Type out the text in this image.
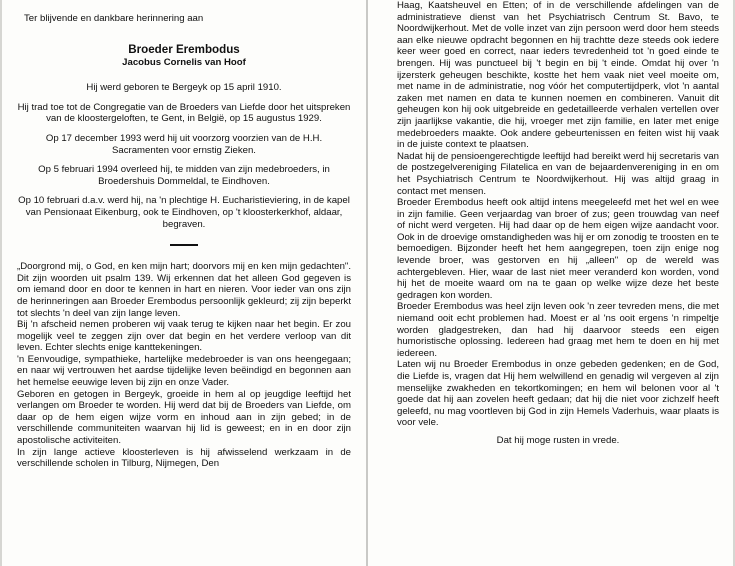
Ter blijvende en dankbare herinnering aan
Broeder Erembodus
Jacobus Cornelis van Hoof
Hij werd geboren te Bergeyk op 15 april 1910.
Hij trad toe tot de Congregatie van de Broeders van Liefde door het uitspreken van de kloostergeloften, te Gent, in België, op 15 augustus 1929.
Op 17 december 1993 werd hij uit voorzorg voorzien van de H.H. Sacramenten voor ernstig Zieken.
Op 5 februari 1994 overleed hij, te midden van zijn medebroeders, in Broedershuis Dommeldal, te Eindhoven.
Op 10 februari d.a.v. werd hij, na 'n plechtige H. Eucharistieviering, in de kapel van Pensionaat Eikenburg, ook te Eindhoven, op 't kloosterkerkhof, aldaar, begraven.

„Doorgrond mij, o God, en ken mijn hart; doorvors mij en ken mijn gedachten". Dit zijn woorden uit psalm 139. Wij erkennen dat het alleen God gegeven is om iemand door en door te kennen in hart en nieren. Voor ieder van ons zijn de herinneringen aan Broeder Erembodus persoonlijk gekleurd; zij zijn beperkt tot slechts 'n deel van zijn lange leven.

Bij 'n afscheid nemen proberen wij vaak terug te kijken naar het begin. Er zou mogelijk veel te zeggen zijn over dat begin en het verdere verloop van dit leven. Echter slechts enige kanttekeningen.

'n Eenvoudige, sympathieke, hartelijke medebroeder is van ons heengegaan; en naar wij vertrouwen het aardse tijdelijke leven beëindigd en begonnen aan het hemelse eeuwige leven bij zijn en onze Vader.

Geboren en getogen in Bergeyk, groeide in hem al op jeugdige leeftijd het verlangen om Broeder te worden. Hij werd dat bij de Broeders van Liefde, om daar op de hem eigen wijze vorm en inhoud aan in zijn gebed; in de verschillende communiteiten waarvan hij lid is geweest; en in en door zijn apostolische activiteiten.

In zijn lange actieve kloosterleven is hij afwisselend werkzaam in de verschillende scholen in Tilburg, Nijmegen, Den

Haag, Kaatsheuvel en Etten; of in de verschillende afdelingen van de administratieve dienst van het Psychiatrisch Centrum St. Bavo, te Noordwijkerhout. Met de volle inzet van zijn persoon werd door hem steeds aan elke nieuwe opdracht begonnen en hij trachtte deze steeds ook iedere keer weer goed en correct, naar ieders tevredenheid tot 'n goed einde te brengen. Hij was punctueel bij 't begin en bij 't einde. Omdat hij over 'n ijzersterk geheugen beschikte, kostte het hem vaak niet veel moeite om, met name in de administratie, nog vóór het computertijdperk, vlot 'n aantal zaken met namen en data te kunnen noemen en combineren. Vanuit dit geheugen kon hij ook uitgebreide en gedetailleerde verhalen vertellen over zijn jaarlijkse vakantie, die hij, vroeger met zijn familie, en later met enige medebroeders maakte. Ook andere gebeurtenissen en feiten wist hij vaak in de juiste context te plaatsen.

Nadat hij de pensioengerechtigde leeftijd had bereikt werd hij secretaris van de postzegelvereniging Filatelica en van de bejaardenvereniging in en om het Psychiatrisch Centrum te Noordwijkerhout. Hij was altijd graag in contact met mensen.

Broeder Erembodus heeft ook altijd intens meegeleefd met het wel en wee in zijn familie. Geen verjaardag van broer of zus; geen trouwdag van neef of nicht werd vergeten. Hij had daar op de hem eigen wijze aandacht voor. Ook in de droevige omstandigheden was hij er om zonodig te troosten en te bemoedigen. Bijzonder heeft het hem aangegrepen, toen zijn enige nog levende broer, was gestorven en hij „alleen" op de wereld was achtergebleven. Hier, waar de last niet meer veranderd kon worden, vond hij het de moeite waard om na te gaan op welke wijze deze het beste gedragen kon worden.

Broeder Erembodus was heel zijn leven ook 'n zeer tevreden mens, die met niemand ooit echt problemen had. Moest er al 'ns ooit ergens 'n rimpeltje worden gladgestreken, dan had hij daarvoor steeds een eigen humoristische oplossing. Iedereen had graag met hem te doen en hij met iedereen.

Laten wij nu Broeder Erembodus in onze gebeden gedenken; en de God, die Liefde is, vragen dat Hij hem welwillend en genadig wil vergeven al zijn menselijke zwakheden en tekortkomingen; en hem wil belonen voor al 't goede dat hij aan zovelen heeft gedaan; dat hij die niet voor zichzelf heeft geleefd, nu mag voortleven bij God in zijn Hemels Vaderhuis, waar plaats is voor vele.

Dat hij moge rusten in vrede.
